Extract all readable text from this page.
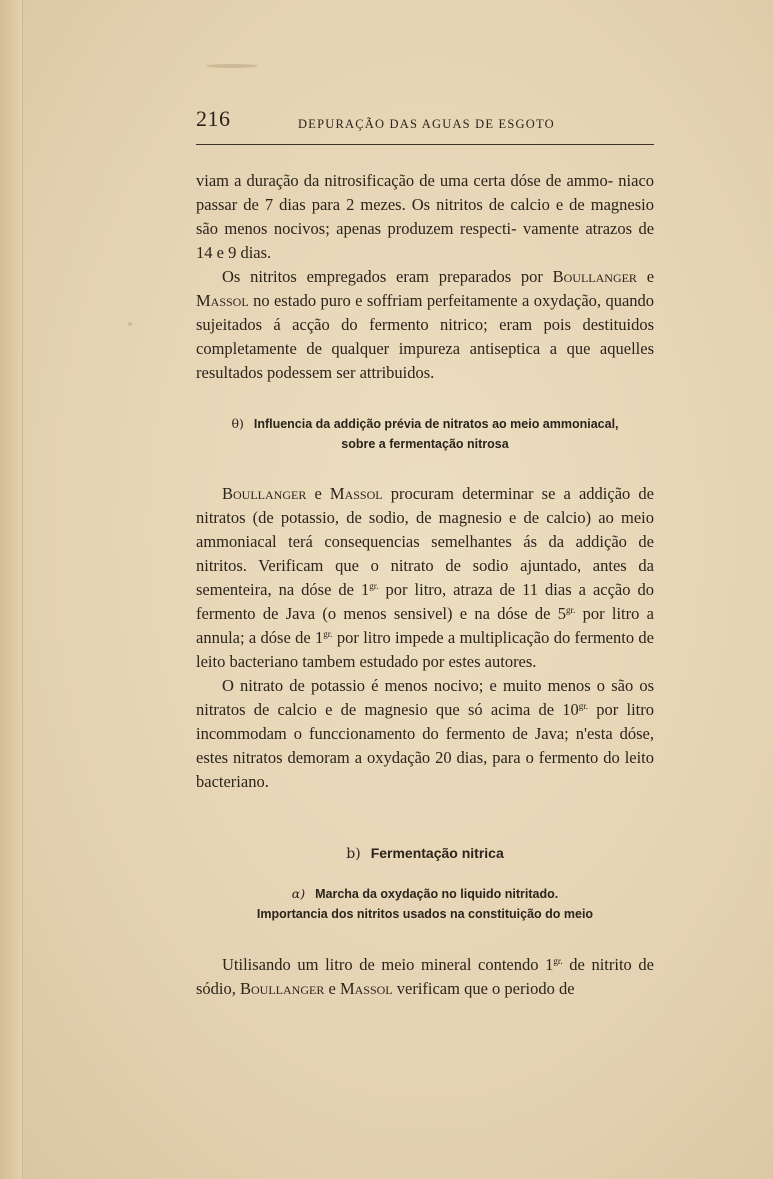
216	DEPURAÇÃO DAS AGUAS DE ESGOTO
viam a duração da nitrosificação de uma certa dóse de ammo- niaco passar de 7 dias para 2 mezes. Os nitritos de calcio e de magnesio são menos nocivos; apenas produzem respecti- vamente atrazos de 14 e 9 dias.
Os nitritos empregados eram preparados por Boullanger e Massol no estado puro e soffriam perfeitamente a oxydação, quando sujeitados á acção do fermento nitrico; eram pois destituidos completamente de qualquer impureza antiseptica a que aquelles resultados podessem ser attribuidos.
θ) Influencia da addição prévia de nitratos ao meio ammoniacal,
sobre a fermentação nitrosa
Boullanger e Massol procuram determinar se a addição de nitratos (de potassio, de sodio, de magnesio e de calcio) ao meio ammoniacal terá consequencias semelhantes ás da addição de nitritos. Verificam que o nitrato de sodio ajuntado, antes da sementeira, na dóse de $1^{gr.}$ por litro, atraza de 11 dias a acção do fermento de Java (o menos sensivel) e na dóse de $5^{gr.}$ por litro a annula; a dóse de $1^{gr.}$ por litro impede a multiplicação do fermento de leito bacteriano tambem estudado por estes autores.
O nitrato de potassio é menos nocivo; e muito menos o são os nitratos de calcio e de magnesio que só acima de $10^{gr.}$ por litro incommodam o funccionamento do fermento de Java; n'esta dóse, estes nitratos demoram a oxydação 20 dias, para o fermento do leito bacteriano.
b) Fermentação nitrica
α) Marcha da oxydação no liquido nitritado.
Importancia dos nitritos usados na constituição do meio
Utilisando um litro de meio mineral contendo $1^{gr.}$ de nitrito de sódio, Boullanger e Massol verificam que o periodo de
